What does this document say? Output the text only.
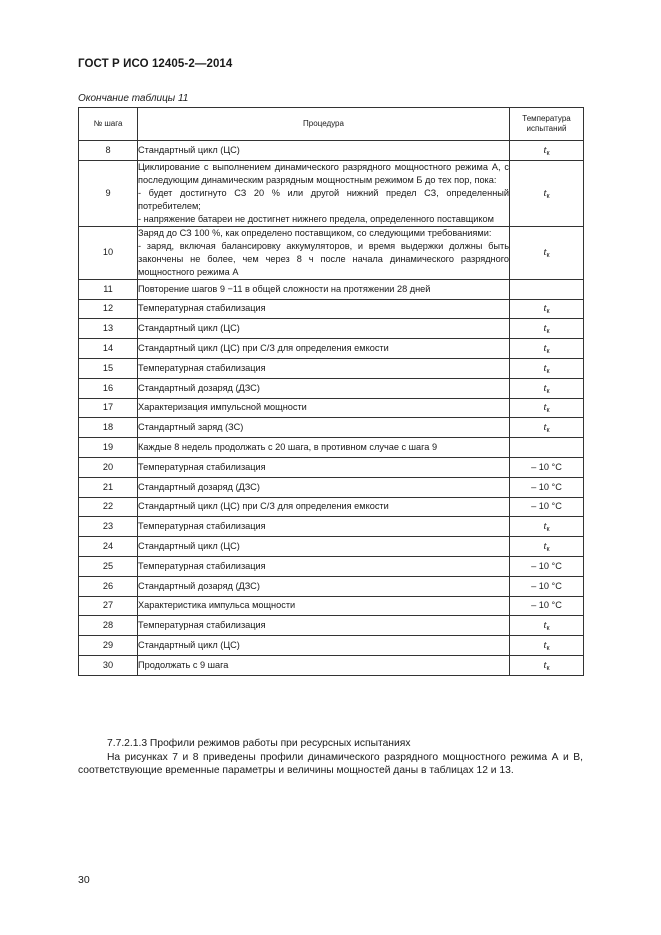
ГОСТ Р ИСО 12405-2—2014
Окончание таблицы 11
№ шага	Процедура	Температура испытаний
8	Стандартный цикл (ЦС)	$t_к$
9	Циклирование с выполнением динамического разрядного мощностного режима А, с последующим динамическим разрядным мощностным режимом Б до тех пор, пока:
- будет достигнуто СЗ 20 % или другой нижний предел СЗ, определенный потребителем;
- напряжение батареи не достигнет нижнего предела, определенного поставщиком	$t_к$
10	Заряд до СЗ 100 %, как определено поставщиком, со следующими требованиями:
- заряд, включая балансировку аккумуляторов, и время выдержки должны быть закончены не более, чем через 8 ч после начала динамического разрядного мощностного режима А	$t_к$
11	Повторение шагов 9 −11 в общей сложности на протяжении 28 дней	

12	Температурная стабилизация	$t_к$
13	Стандартный цикл (ЦС)	$t_к$
14	Стандартный цикл (ЦС) при С/З для определения емкости	$t_к$
15	Температурная стабилизация	$t_к$
16	Стандартный дозаряд (ДЗС)	$t_к$
17	Характеризация импульсной мощности	$t_к$
18	Стандартный заряд (ЗС)	$t_к$
19	Каждые 8 недель продолжать с 20 шага, в противном случае с шага 9	

20	Температурная стабилизация	– 10 °C
21	Стандартный дозаряд (ДЗС)	– 10 °C
22	Стандартный цикл (ЦС) при С/З для определения емкости	– 10 °C
23	Температурная стабилизация	$t_к$
24	Стандартный цикл (ЦС)	$t_к$
25	Температурная стабилизация	– 10 °C
26	Стандартный дозаряд (ДЗС)	– 10 °C
27	Характеристика импульса мощности	– 10 °C
28	Температурная стабилизация	$t_к$
29	Стандартный цикл (ЦС)	$t_к$
30	Продолжать с 9 шага	$t_к$
7.7.2.1.3 Профили режимов работы при ресурсных испытаниях
На рисунках 7 и 8 приведены профили динамического разрядного мощностного режима А и В, соответствующие временные параметры и величины мощностей даны в таблицах 12 и 13.
30
